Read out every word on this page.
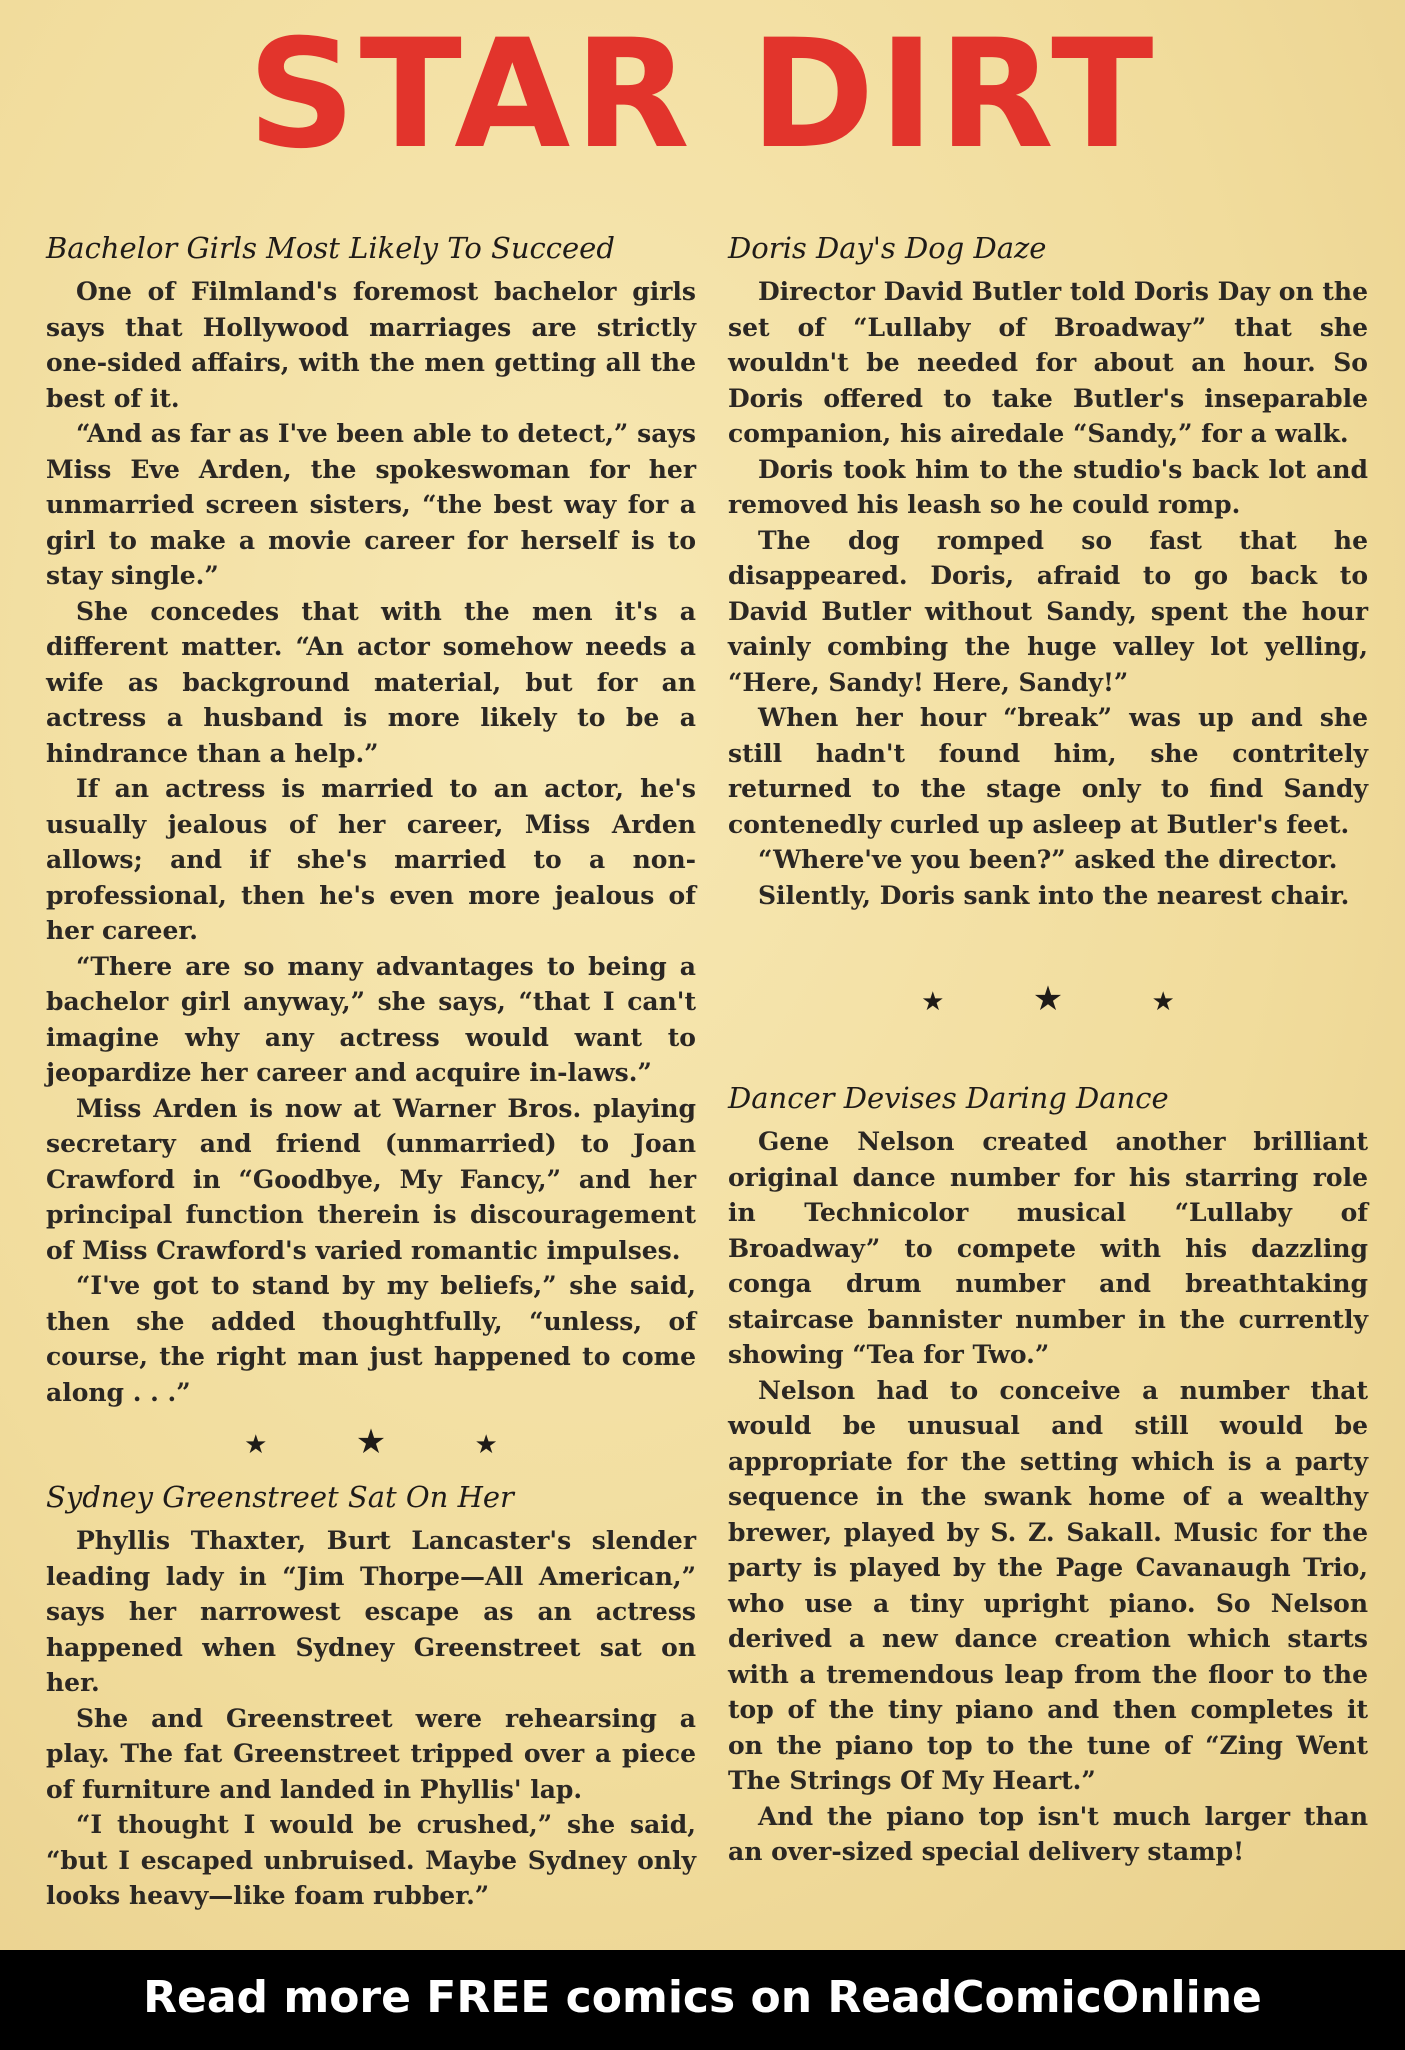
STAR DIRT
Bachelor Girls Most Likely To Succeed

One of Filmland's foremost bachelor girls says that Hollywood marriages are strictly one-sided affairs, with the men getting all the best of it.

“And as far as I've been able to detect,” says Miss Eve Arden, the spokeswoman for her unmarried screen sisters, “the best way for a girl to make a movie career for herself is to stay single.”

She concedes that with the men it's a different matter. “An actor somehow needs a wife as background material, but for an actress a husband is more likely to be a hindrance than a help.”

If an actress is married to an actor, he's usually jealous of her career, Miss Arden allows; and if she's married to a non-professional, then he's even more jealous of her career.

“There are so many advantages to being a bachelor girl anyway,” she says, “that I can't imagine why any actress would want to jeopardize her career and acquire in-laws.”

Miss Arden is now at Warner Bros. playing secretary and friend (unmarried) to Joan Crawford in “Goodbye, My Fancy,” and her principal function therein is discouragement of Miss Crawford's varied romantic impulses.

“I've got to stand by my beliefs,” she said, then she added thoughtfully, “unless, of course, the right man just happened to come along . . .”

★	★	★
Sydney Greenstreet Sat On Her

Phyllis Thaxter, Burt Lancaster's slender leading lady in “Jim Thorpe—All American,” says her narrowest escape as an actress happened when Sydney Greenstreet sat on her.

She and Greenstreet were rehearsing a play. The fat Greenstreet tripped over a piece of furniture and landed in Phyllis' lap.

“I thought I would be crushed,” she said, “but I escaped unbruised. Maybe Sydney only looks heavy—like foam rubber.”

Doris Day's Dog Daze

Director David Butler told Doris Day on the set of “Lullaby of Broadway” that she wouldn't be needed for about an hour. So Doris offered to take Butler's inseparable companion, his airedale “Sandy,” for a walk.

Doris took him to the studio's back lot and removed his leash so he could romp.

The dog romped so fast that he disappeared. Doris, afraid to go back to David Butler without Sandy, spent the hour vainly combing the huge valley lot yelling, “Here, Sandy! Here, Sandy!”

When her hour “break” was up and she still hadn't found him, she contritely returned to the stage only to find Sandy contenedly curled up asleep at Butler's feet.

“Where've you been?” asked the director.

Silently, Doris sank into the nearest chair.

★	★	★
Dancer Devises Daring Dance

Gene Nelson created another brilliant original dance number for his starring role in Technicolor musical “Lullaby of Broadway” to compete with his dazzling conga drum number and breathtaking staircase bannister number in the currently showing “Tea for Two.”

Nelson had to conceive a number that would be unusual and still would be appropriate for the setting which is a party sequence in the swank home of a wealthy brewer, played by S. Z. Sakall. Music for the party is played by the Page Cavanaugh Trio, who use a tiny upright piano. So Nelson derived a new dance creation which starts with a tremendous leap from the floor to the top of the tiny piano and then completes it on the piano top to the tune of “Zing Went The Strings Of My Heart.”

And the piano top isn't much larger than an over-sized special delivery stamp!

Read more FREE comics on ReadComicOnline
